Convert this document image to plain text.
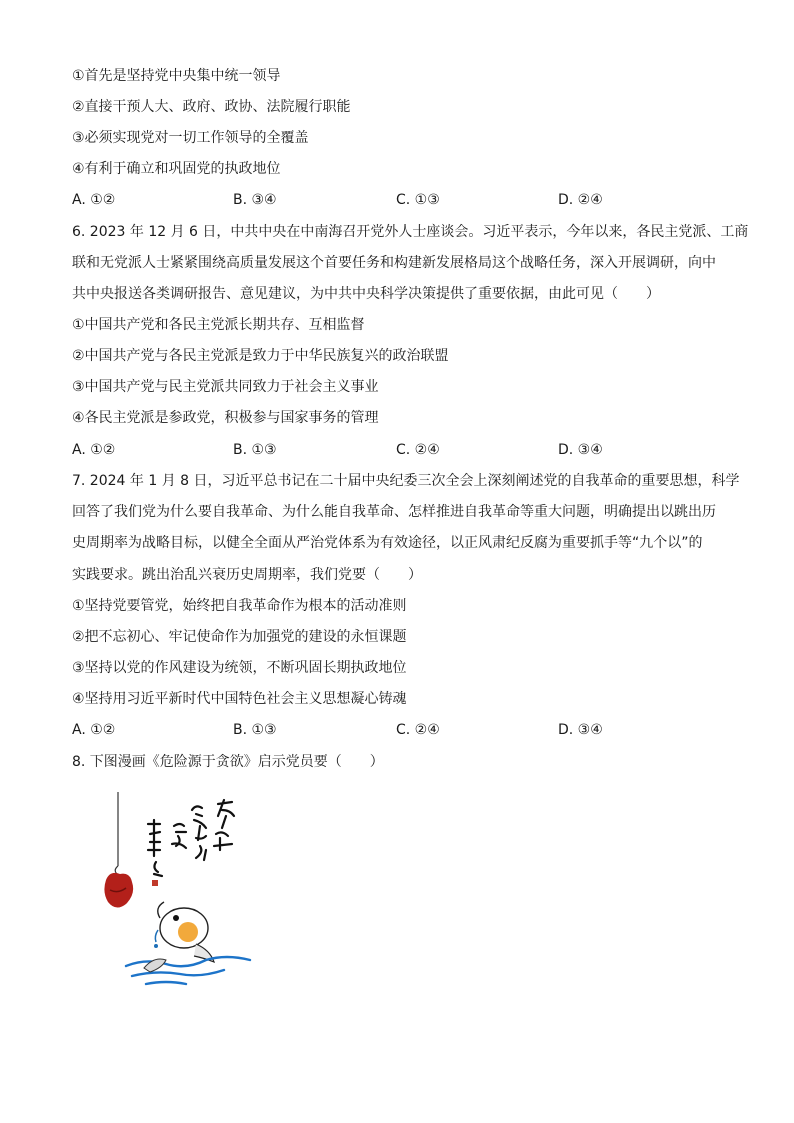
①首先是坚持党中央集中统一领导
②直接干预人大、政府、政协、法院履行职能
③必须实现党对一切工作领导的全覆盖
④有利于确立和巩固党的执政地位
A. ①②	B. ③④	C. ①③	D. ②④
6. 2023 年 12 月 6 日，中共中央在中南海召开党外人士座谈会。习近平表示，今年以来，各民主党派、工商
联和无党派人士紧紧围绕高质量发展这个首要任务和构建新发展格局这个战略任务，深入开展调研，向中
共中央报送各类调研报告、意见建议，为中共中央科学决策提供了重要依据，由此可见（　　）
①中国共产党和各民主党派长期共存、互相监督
②中国共产党与各民主党派是致力于中华民族复兴的政治联盟
③中国共产党与民主党派共同致力于社会主义事业
④各民主党派是参政党，积极参与国家事务的管理
A. ①②	B. ①③	C. ②④	D. ③④
7. 2024 年 1 月 8 日，习近平总书记在二十届中央纪委三次全会上深刻阐述党的自我革命的重要思想，科学
回答了我们党为什么要自我革命、为什么能自我革命、怎样推进自我革命等重大问题，明确提出以跳出历
史周期率为战略目标，以健全全面从严治党体系为有效途径，以正风肃纪反腐为重要抓手等“九个以”的
实践要求。跳出治乱兴衰历史周期率，我们党要（　　）
①坚持党要管党，始终把自我革命作为根本的活动准则
②把不忘初心、牢记使命作为加强党的建设的永恒课题
③坚持以党的作风建设为统领，不断巩固长期执政地位
④坚持用习近平新时代中国特色社会主义思想凝心铸魂
A. ①②	B. ①③	C. ②④	D. ③④
8. 下图漫画《危险源于贪欲》启示党员要（　　）
